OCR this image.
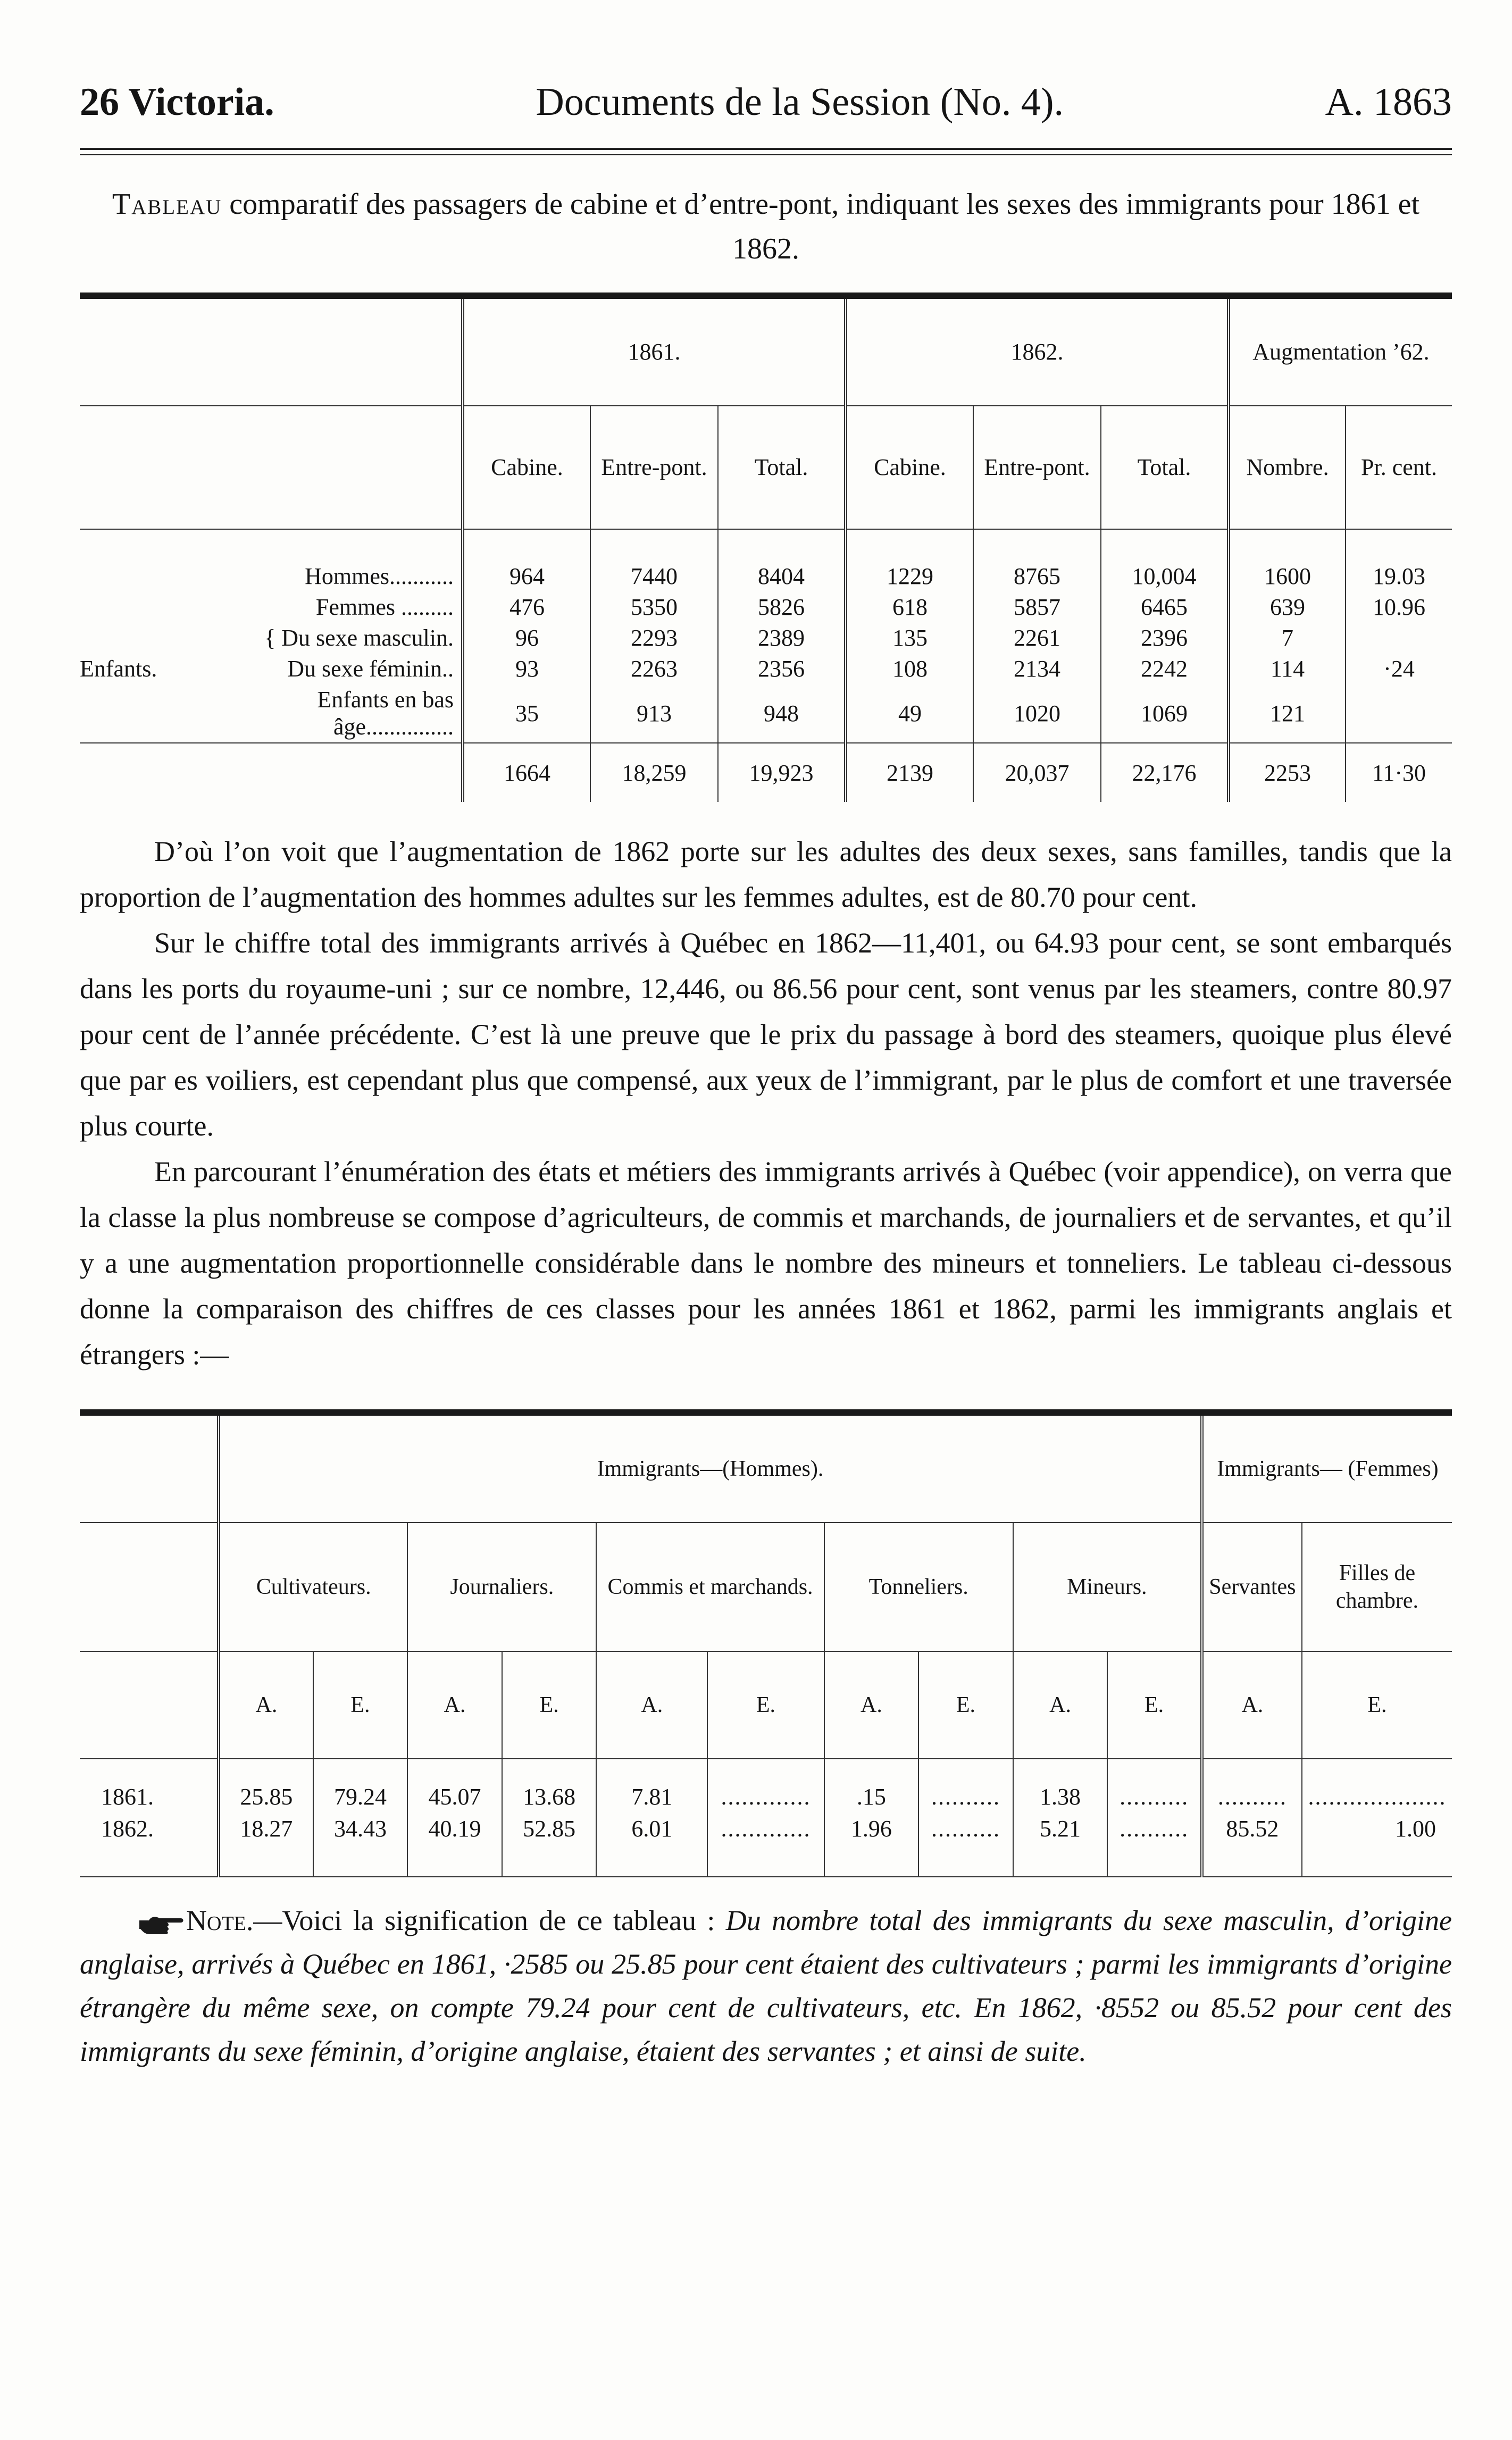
26 Victoria.	Documents de la Session (No. 4).	A. 1863
Tableau comparatif des passagers de cabine et d’entre-pont, indiquant les sexes des immigrants pour 1861 et 1862.
	1861.			1862.			Augmentation ’62.	
	Cabine.	Entre-pont.	Total.	Cabine.	Entre-pont.	Total.	Nombre.	Pr. cent.
Hommes...........	964	7440	8404	1229	8765	10,004	1600	19.03
Femmes .........	476	5350	5826	618	5857	6465	639	10.96
{ Du sexe masculin.	96	2293	2389	135	2261	2396	7	
Enfants. Du sexe féminin..	93	2263	2356	108	2134	2242	114	·24
Enfants en bas âge...............	35	913	948	49	1020	1069	121	
	1664	18,259	19,923	2139	20,037	22,176	2253	11·30

D’où l’on voit que l’augmentation de 1862 porte sur les adultes des deux sexes, sans familles, tandis que la proportion de l’augmentation des hommes adultes sur les femmes adultes, est de 80.70 pour cent.

Sur le chiffre total des immigrants arrivés à Québec en 1862—11,401, ou 64.93 pour cent, se sont embarqués dans les ports du royaume-uni ; sur ce nombre, 12,446, ou 86.56 pour cent, sont venus par les steamers, contre 80.97 pour cent de l’année précédente. C’est là une preuve que le prix du passage à bord des steamers, quoique plus élevé que par es voiliers, est cependant plus que compensé, aux yeux de l’immigrant, par le plus de comfort et une traversée plus courte.

En parcourant l’énumération des états et métiers des immigrants arrivés à Québec (voir appendice), on verra que la classe la plus nombreuse se compose d’agriculteurs, de commis et marchands, de journaliers et de servantes, et qu’il y a une augmentation proportionnelle considérable dans le nombre des mineurs et tonneliers. Le tableau ci-dessous donne la comparaison des chiffres de ces classes pour les années 1861 et 1862, parmi les immigrants anglais et étrangers :—

	Immigrants—(Hommes).										Immigrants— (Femmes)	
	Cultivateurs.		Journaliers.		Commis et marchands.		Tonneliers.		Mineurs.		Servantes	Filles de chambre.
	A.	E.	A.	E.	A.	E.	A.	E.	A.	E.	A.	E.
1861.	25.85	79.24	45.07	13.68	7.81	.............	.15	..........	1.38	..........	..........	....................
1862.	18.27	34.43	40.19	52.85	6.01	.............	1.96	..........	5.21	..........	85.52	1.00

Note.—Voici la signification de ce tableau : Du nombre total des immigrants du sexe masculin, d’origine anglaise, arrivés à Québec en 1861, ·2585 ou 25.85 pour cent étaient des cultivateurs ; parmi les immigrants d’origine étrangère du même sexe, on compte 79.24 pour cent de cultivateurs, etc. En 1862, ·8552 ou 85.52 pour cent des immigrants du sexe féminin, d’origine anglaise, étaient des servantes ; et ainsi de suite.
